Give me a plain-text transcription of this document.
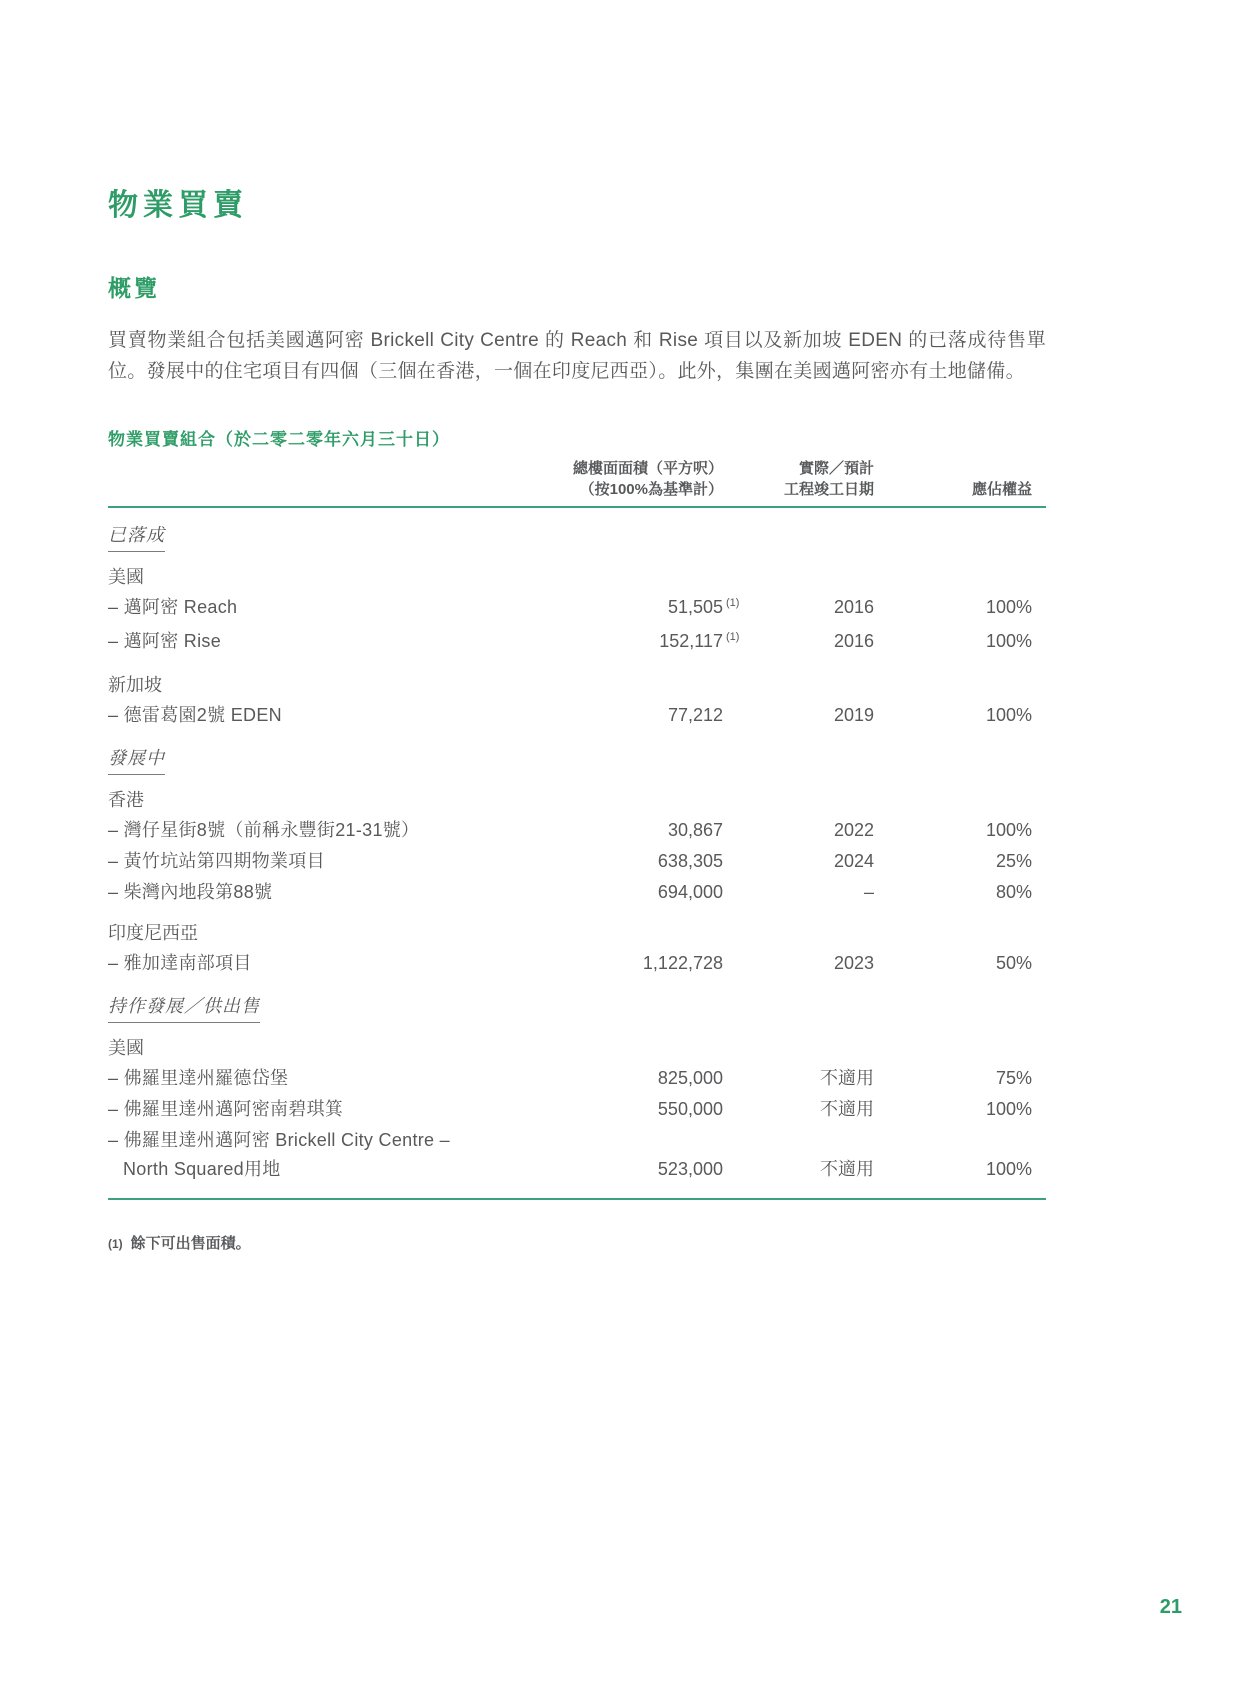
物業買賣
概覽

買賣物業組合包括美國邁阿密 Brickell City Centre 的 Reach 和 Rise 項目以及新加坡 EDEN 的已落成待售單位。發展中的住宅項目有四個（三個在香港，一個在印度尼西亞）。此外，集團在美國邁阿密亦有土地儲備。

物業買賣組合（於二零二零年六月三十日）
總樓面面積（平方呎）	實際／預計
（按100%為基準計）	工程竣工日期	應佔權益
已落成
美國
– 邁阿密 Reach	51,505 (1)	2016	100%
– 邁阿密 Rise	152,117 (1)	2016	100%
新加坡
– 德雷葛園2號 EDEN	77,212	2019	100%
發展中
香港
– 灣仔星街8號（前稱永豐街21-31號）	30,867	2022	100%
– 黃竹坑站第四期物業項目	638,305	2024	25%
– 柴灣內地段第88號	694,000	–	80%
印度尼西亞
– 雅加達南部項目	1,122,728	2023	50%
持作發展／供出售
美國
– 佛羅里達州羅德岱堡	825,000	不適用	75%
– 佛羅里達州邁阿密南碧琪箕	550,000	不適用	100%
– 佛羅里達州邁阿密 Brickell City Centre –
North Squared用地	523,000	不適用	100%
(1) 餘下可出售面積。
21
